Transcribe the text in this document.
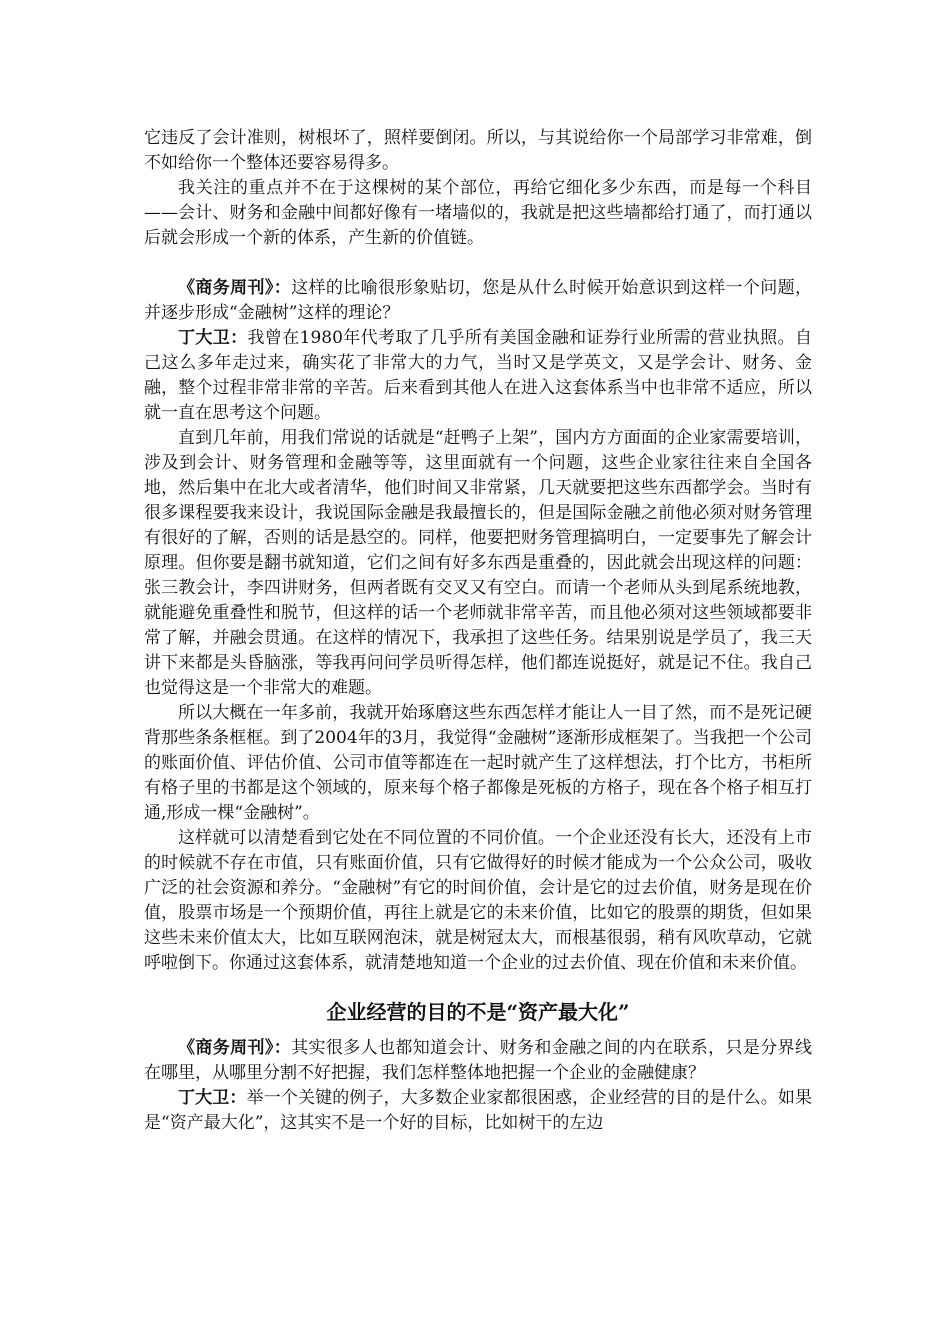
它违反了会计准则，树根坏了，照样要倒闭。所以，与其说给你一个局部学习非常难，倒不如给你一个整体还要容易得多。

我关注的重点并不在于这棵树的某个部位，再给它细化多少东西，而是每一个科目——会计、财务和金融中间都好像有一堵墙似的，我就是把这些墙都给打通了，而打通以后就会形成一个新的体系，产生新的价值链。

《商务周刊》：这样的比喻很形象贴切，您是从什么时候开始意识到这样一个问题，并逐步形成“金融树”这样的理论？

丁大卫：我曾在1980年代考取了几乎所有美国金融和证券行业所需的营业执照。自己这么多年走过来，确实花了非常大的力气，当时又是学英文，又是学会计、财务、金融，整个过程非常非常的辛苦。后来看到其他人在进入这套体系当中也非常不适应，所以就一直在思考这个问题。

直到几年前，用我们常说的话就是“赶鸭子上架”，国内方方面面的企业家需要培训，涉及到会计、财务管理和金融等等，这里面就有一个问题，这些企业家往往来自全国各地，然后集中在北大或者清华，他们时间又非常紧，几天就要把这些东西都学会。当时有很多课程要我来设计，我说国际金融是我最擅长的，但是国际金融之前他必须对财务管理有很好的了解，否则的话是悬空的。同样，他要把财务管理搞明白，一定要事先了解会计原理。但你要是翻书就知道，它们之间有好多东西是重叠的，因此就会出现这样的问题：张三教会计，李四讲财务，但两者既有交叉又有空白。而请一个老师从头到尾系统地教，就能避免重叠性和脱节，但这样的话一个老师就非常辛苦，而且他必须对这些领域都要非常了解，并融会贯通。在这样的情况下，我承担了这些任务。结果别说是学员了，我三天讲下来都是头昏脑涨，等我再问问学员听得怎样，他们都连说挺好，就是记不住。我自己也觉得这是一个非常大的难题。

所以大概在一年多前，我就开始琢磨这些东西怎样才能让人一目了然，而不是死记硬背那些条条框框。到了2004年的3月，我觉得“金融树”逐渐形成框架了。当我把一个公司的账面价值、评估价值、公司市值等都连在一起时就产生了这样想法，打个比方，书柜所有格子里的书都是这个领域的，原来每个格子都像是死板的方格子，现在各个格子相互打通,形成一棵“金融树”。

这样就可以清楚看到它处在不同位置的不同价值。一个企业还没有长大，还没有上市的时候就不存在市值，只有账面价值，只有它做得好的时候才能成为一个公众公司，吸收广泛的社会资源和养分。“金融树”有它的时间价值，会计是它的过去价值，财务是现在价值，股票市场是一个预期价值，再往上就是它的未来价值，比如它的股票的期货，但如果这些未来价值太大，比如互联网泡沫，就是树冠太大，而根基很弱，稍有风吹草动，它就呼啦倒下。你通过这套体系，就清楚地知道一个企业的过去价值、现在价值和未来价值。

企业经营的目的不是“资产最大化”

《商务周刊》：其实很多人也都知道会计、财务和金融之间的内在联系，只是分界线在哪里，从哪里分割不好把握，我们怎样整体地把握一个企业的金融健康？

丁大卫：举一个关键的例子，大多数企业家都很困惑，企业经营的目的是什么。如果是“资产最大化”，这其实不是一个好的目标，比如树干的左边
